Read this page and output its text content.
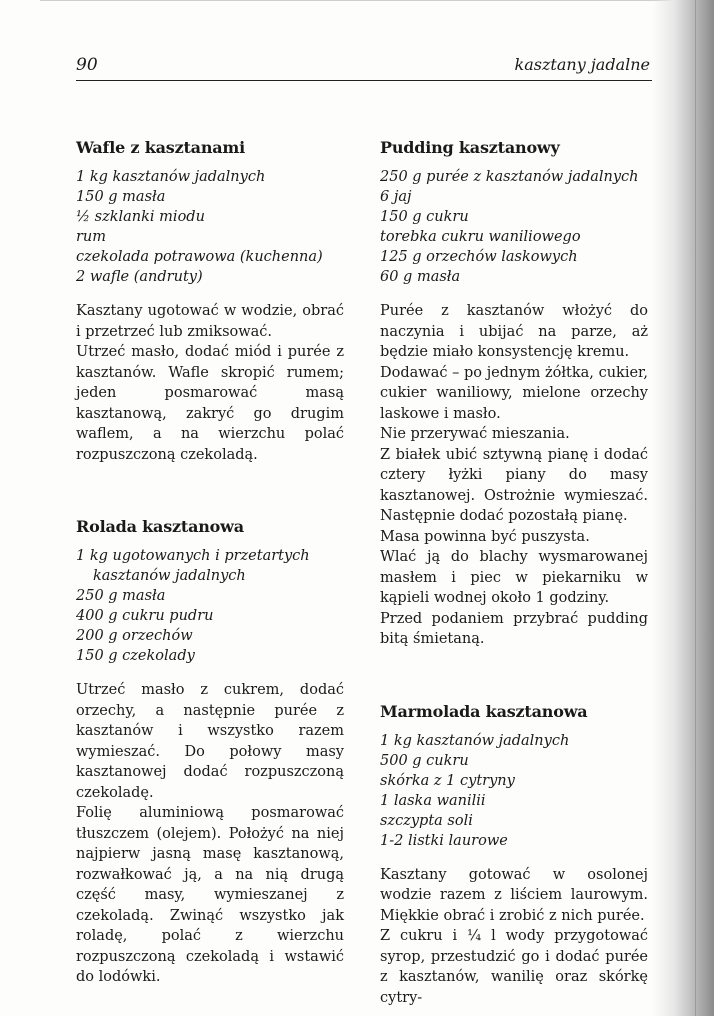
90	kasztany jadalne
Wafle z kasztanami
1 kg kasztanów jadalnych
150 g masła
½ szklanki miodu
rum
czekolada potrawowa (kuchenna)
2 wafle (andruty)

Kasztany ugotować w wodzie, obrać i przetrzeć lub zmiksować.

Utrzeć masło, dodać miód i purée z kasztanów. Wafle skropić rumem; jeden posmarować masą kasztanową, zakryć go drugim waflem, a na wierzchu polać rozpuszczoną czekoladą.

Rolada kasztanowa
1 kg ugotowanych i przetartych
kasztanów jadalnych
250 g masła
400 g cukru pudru
200 g orzechów
150 g czekolady

Utrzeć masło z cukrem, dodać orzechy, a następnie purée z kasztanów i wszystko razem wymieszać. Do połowy masy kasztanowej dodać rozpuszczoną czekoladę.

Folię aluminiową posmarować tłuszczem (olejem). Położyć na niej najpierw jasną masę kasztanową, rozwałkować ją, a na nią drugą część masy, wymieszanej z czekoladą. Zwinąć wszystko jak roladę, polać z wierzchu rozpuszczoną czekoladą i wstawić do lodówki.

Pudding kasztanowy
250 g purée z kasztanów jadalnych
6 jaj
150 g cukru
torebka cukru waniliowego
125 g orzechów laskowych
60 g masła

Purée z kasztanów włożyć do naczynia i ubijać na parze, aż będzie miało konsystencję kremu.

Dodawać – po jednym żółtka, cukier, cukier waniliowy, mielone orzechy laskowe i masło.

Nie przerywać mieszania.

Z białek ubić sztywną pianę i dodać cztery łyżki piany do masy kasztanowej. Ostrożnie wymieszać. Następnie dodać pozostałą pianę.

Masa powinna być puszysta.

Wlać ją do blachy wysmarowanej masłem i piec w piekarniku w kąpieli wodnej około 1 godziny.

Przed podaniem przybrać pudding bitą śmietaną.

Marmolada kasztanowa
1 kg kasztanów jadalnych
500 g cukru
skórka z 1 cytryny
1 laska wanilii
szczypta soli
1-2 listki laurowe

Kasztany gotować w osolonej wodzie razem z liściem laurowym. Miękkie obrać i zrobić z nich purée.

Z cukru i ¼ l wody przygotować syrop, przestudzić go i dodać purée z kasztanów, wanilię oraz skórkę cytry-
